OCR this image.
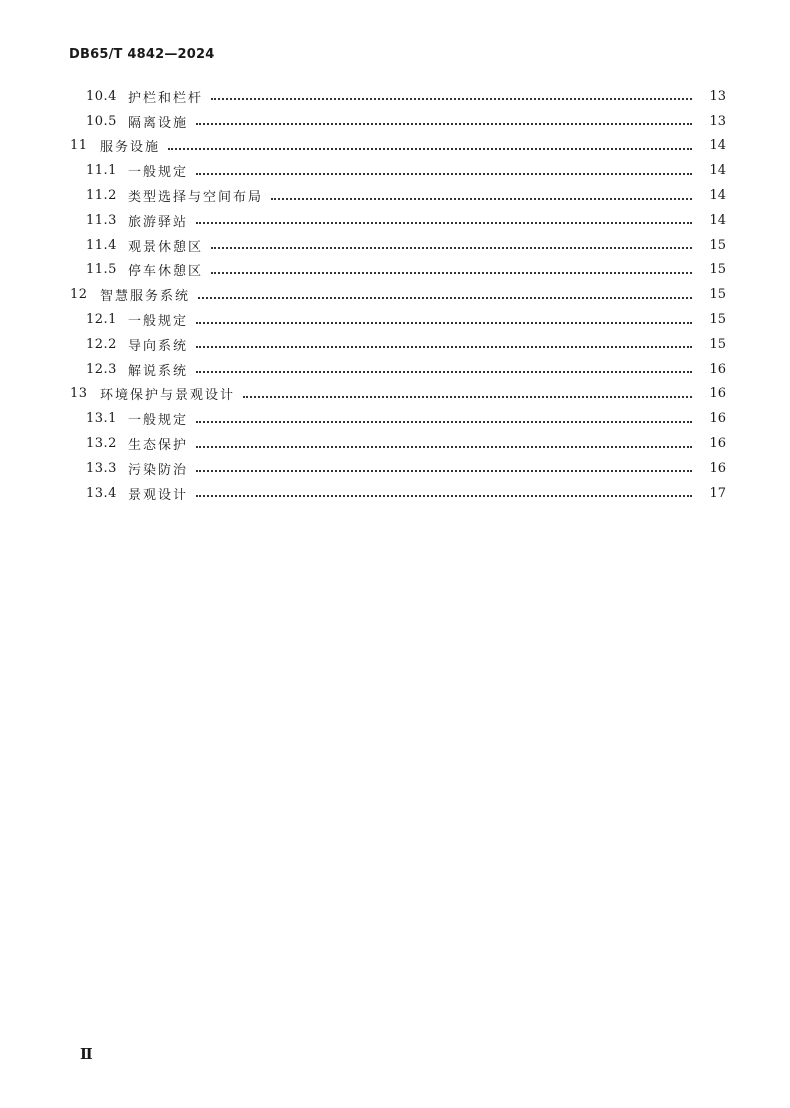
DB65/T 4842—2024
10.4 护栏和栏杆	13
10.5 隔离设施	13
11 服务设施	14
11.1 一般规定	14
11.2 类型选择与空间布局	14
11.3 旅游驿站	14
11.4 观景休憩区	15
11.5 停车休憩区	15
12 智慧服务系统	15
12.1 一般规定	15
12.2 导向系统	15
12.3 解说系统	16
13 环境保护与景观设计	16
13.1 一般规定	16
13.2 生态保护	16
13.3 污染防治	16
13.4 景观设计	17
Ⅱ
